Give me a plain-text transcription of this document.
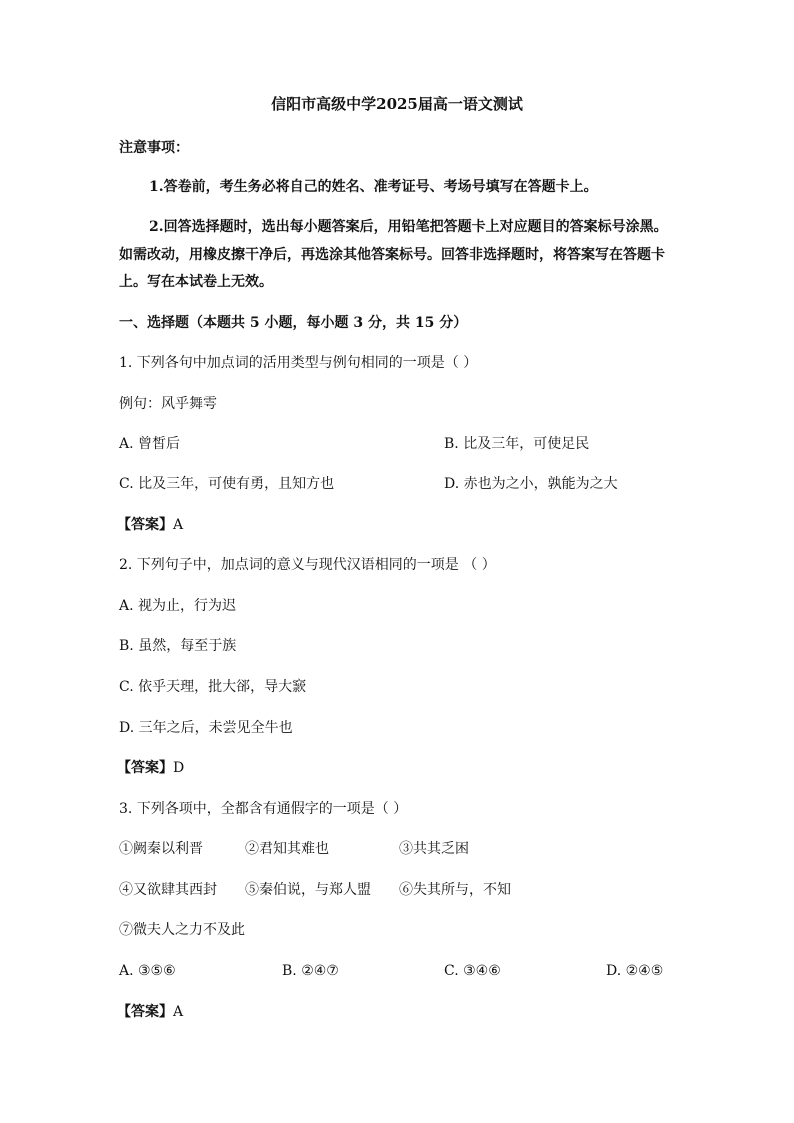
信阳市高级中学2025届高一语文测试
注意事项：
1.答卷前，考生务必将自己的姓名、准考证号、考场号填写在答题卡上。
2.回答选择题时，选出每小题答案后，用铅笔把答题卡上对应题目的答案标号涂黑。
如需改动，用橡皮擦干净后，再选涂其他答案标号。回答非选择题时，将答案写在答题卡
上。写在本试卷上无效。
一、选择题（本题共 5 小题，每小题 3 分，共 15 分）
1. 下列各句中加点词的活用类型与例句相同的一项是（ ）
例句：风乎舞雩
A. 曾皙后	B. 比及三年，可使足民
C. 比及三年，可使有勇，且知方也	D. 赤也为之小，孰能为之大
【答案】A
2. 下列句子中，加点词的意义与现代汉语相同的一项是 （ ）
A. 视为止，行为迟
B. 虽然，每至于族
C. 依乎天理，批大郤，导大窾
D. 三年之后，未尝见全牛也
【答案】D
3. 下列各项中，全都含有通假字的一项是（ ）
①阙秦以利晋	②君知其难也	③共其乏困
④又欲肆其西封 ⑤秦伯说，与郑人盟 ⑥失其所与，不知
⑦微夫人之力不及此
A. ③⑤⑥	B. ②④⑦	C. ③④⑥	D. ②④⑤
【答案】A
